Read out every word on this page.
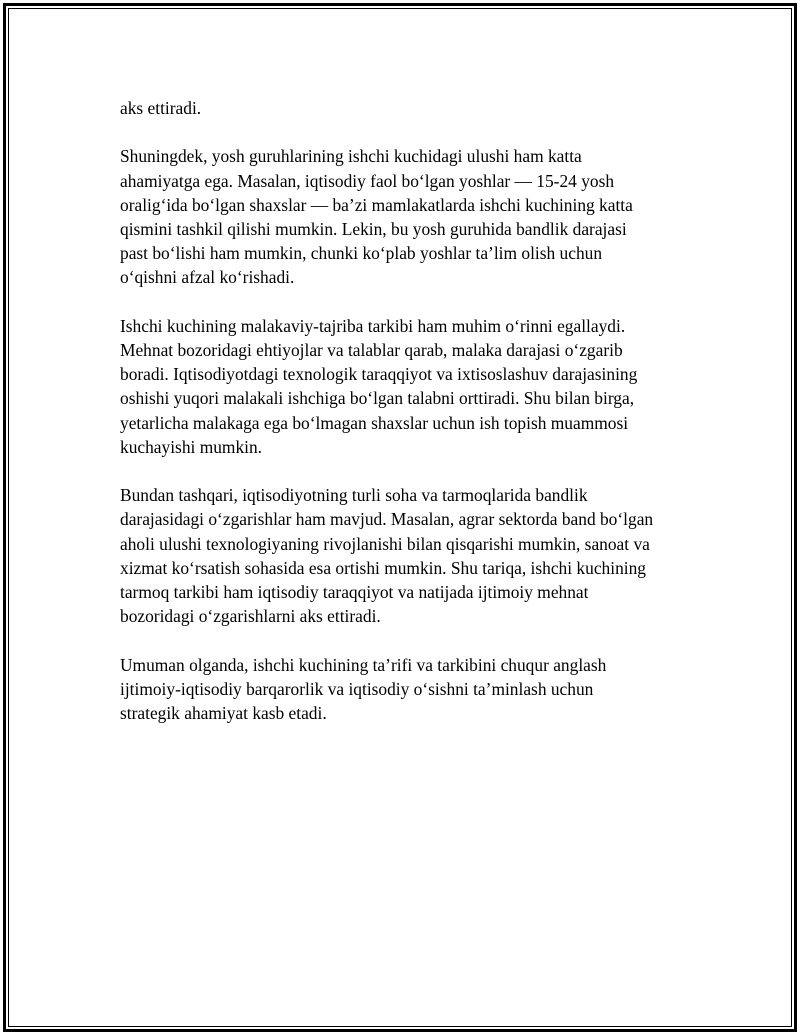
aks ettiradi.

Shuningdek, yosh guruhlarining ishchi kuchidagi ulushi ham katta
ahamiyatga ega. Masalan, iqtisodiy faol bo‘lgan yoshlar — 15-24 yosh
oralig‘ida bo‘lgan shaxslar — ba’zi mamlakatlarda ishchi kuchining katta
qismini tashkil qilishi mumkin. Lekin, bu yosh guruhida bandlik darajasi
past bo‘lishi ham mumkin, chunki ko‘plab yoshlar ta’lim olish uchun
o‘qishni afzal ko‘rishadi.

Ishchi kuchining malakaviy-tajriba tarkibi ham muhim o‘rinni egallaydi.
Mehnat bozoridagi ehtiyojlar va talablar qarab, malaka darajasi o‘zgarib
boradi. Iqtisodiyotdagi texnologik taraqqiyot va ixtisoslashuv darajasining
oshishi yuqori malakali ishchiga bo‘lgan talabni orttiradi. Shu bilan birga,
yetarlicha malakaga ega bo‘lmagan shaxslar uchun ish topish muammosi
kuchayishi mumkin.

Bundan tashqari, iqtisodiyotning turli soha va tarmoqlarida bandlik
darajasidagi o‘zgarishlar ham mavjud. Masalan, agrar sektorda band bo‘lgan
aholi ulushi texnologiyaning rivojlanishi bilan qisqarishi mumkin, sanoat va
xizmat ko‘rsatish sohasida esa ortishi mumkin. Shu tariqa, ishchi kuchining
tarmoq tarkibi ham iqtisodiy taraqqiyot va natijada ijtimoiy mehnat
bozoridagi o‘zgarishlarni aks ettiradi.

Umuman olganda, ishchi kuchining ta’rifi va tarkibini chuqur anglash
ijtimoiy-iqtisodiy barqarorlik va iqtisodiy o‘sishni ta’minlash uchun
strategik ahamiyat kasb etadi.
